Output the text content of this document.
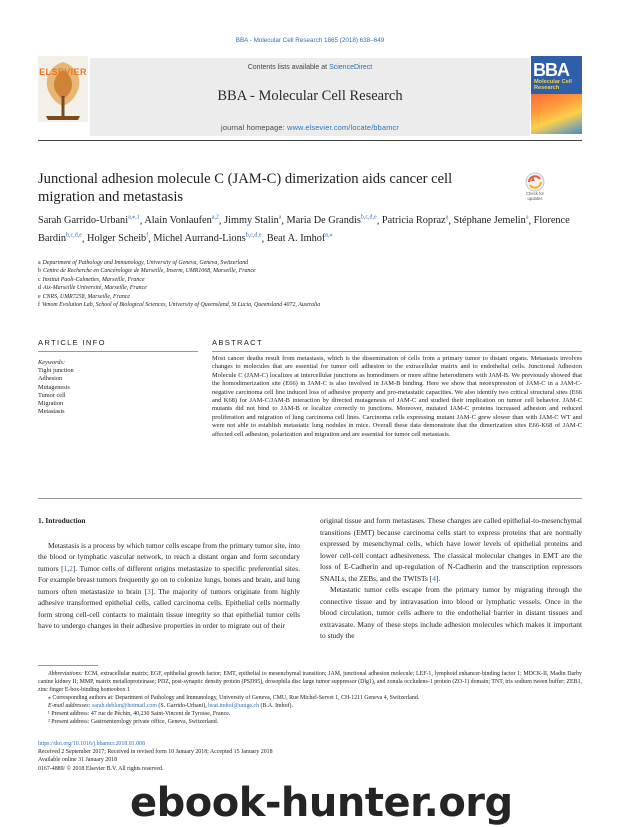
BBA - Molecular Cell Research 1865 (2018) 638–649
ELSEVIER	Contents lists available at ScienceDirect
BBA - Molecular Cell Research
journal homepage: www.elsevier.com/locate/bbamcr
BBA
Molecular Cell Research
Junctional adhesion molecule C (JAM-C) dimerization aids cancer cell migration and metastasis	Check for updates
Sarah Garrido-Urbani$^{a,⁎,1}$, Alain Vonlaufen$^{a,2}$, Jimmy Stalin$^a$, Maria De Grandis$^{b,c,d,e}$, Patricia Ropraz$^a$, Stéphane Jemelin$^a$, Florence Bardin$^{b,c,d,e}$, Holger Scheib$^f$, Michel Aurrand-Lions$^{b,c,d,e}$, Beat A. Imhof$^{a,⁎}$
a Department of Pathology and Immunology, University of Geneva, Geneva, Switzerland
b Centre de Recherche en Cancérologie de Marseille, Inserm, UMR1068, Marseille, France
c Institut Paoli-Calmettes, Marseille, France
d Aix-Marseille Université, Marseille, France
e CNRS, UMR7258, Marseille, France
f Venom Evolution Lab, School of Biological Sciences, University of Queensland, St Lucia, Queensland 4072, Australia
ARTICLE INFO	ABSTRACT
Keywords:
Tight junction
Adhesion
Mutagenesis
Tumor cell
Migration
Metastasis
Most cancer deaths result from metastasis, which is the dissemination of cells from a primary tumor to distant organs. Metastasis involves changes to molecules that are essential for tumor cell adhesion to the extracellular matrix and to endothelial cells. Junctional Adhesion Molecule C (JAM-C) localizes at intercellular junctions as homodimers or more affine heterodimers with JAM-B. We previously showed that the homodimerization site (E66) in JAM-C is also involved in JAM-B binding. Here we show that neoexpression of JAM-C in a JAM-C-negative carcinoma cell line induced loss of adhesive property and pro-metastatic capacities. We also identify two critical structural sites (E66 and K68) for JAM-C/JAM-B interaction by directed mutagenesis of JAM-C and studied their implication on tumor cell behavior. JAM-C mutants did not bind to JAM-B or localize correctly to junctions. Moreover, mutated JAM-C proteins increased adhesion and reduced proliferation and migration of lung carcinoma cell lines. Carcinoma cells expressing mutant JAM-C grew slower than with JAM-C WT and were not able to establish metastatic lung nodules in mice. Overall these data demonstrate that the dimerization sites E66-K68 of JAM-C affected cell adhesion, polarization and migration and are essential for tumor cell metastasis.

1. Introduction

Metastasis is a process by which tumor cells escape from the primary tumor site, into the blood or lymphatic vascular network, to reach a distant organ and form secondary tumors [1,2]. Tumor cells of different origins metastasize to specific preferential sites. For example breast tumors frequently go on to colonize lungs, bones and brain, and lung tumors often metastasize to brain [3]. The majority of tumors originate from highly adhesive transformed epithelial cells, called carcinoma cells. Epithelial cells normally form strong cell-cell contacts to maintain tissue integrity so that epithelial tumor cells have to undergo changes in their adhesive properties in order to migrate out of their

original tissue and form metastases. These changes are called epithelial-to-mesenchymal transitions (EMT) because carcinoma cells start to express proteins that are normally expressed by mesenchymal cells, which have lower levels of epithelial proteins and lower cell-cell contact adhesiveness. The classical molecular changes in EMT are the loss of E-Cadherin and up-regulation of N-Cadherin and the transcription repressors SNAILs, the ZEBs, and the TWISTs [4].

Metastatic tumor cells escape from the primary tumor by migrating through the connective tissue and by intravasation into blood or lymphatic vessels. Once in the blood circulation, tumor cells adhere to the endothelial barrier in distant tissues and extravasate. Many of these steps include adhesion molecules which makes it important to study the

Abbreviations: ECM, extracellular matrix; EGF, epithelial growth factor; EMT, epithelial to mesenchymal transition; JAM, junctional adhesion molecule; LEF-1, lymphoid enhancer-binding factor 1; MDCK-II, Madin Darby canine kidney II; MMP, matrix metalloproteinase; PDZ, post-synaptic density protein (PSD95), drosophila disc large tumor suppressor (Dlg1), and zonula occludens-1 protein (ZO-1) domain; TNT, tris sodium tween buffer; ZEB1, zinc finger E-box-binding homeobox 1

⁎ Corresponding authors at: Department of Pathology and Immunology, University of Geneva, CMU, Rue Michel-Servet 1, CH-1211 Geneva 4, Switzerland.

E-mail addresses: sarah.deblon@hotmail.com (S. Garrido-Urbani), beat.imhof@unige.ch (B.A. Imhof).

¹ Present address: 47 rue de Péchin, 40,230 Saint-Vincent de Tyrosse, France.

² Present address: Gastroenterology private office, Geneva, Switzerland.

https://doi.org/10.1016/j.bbamcr.2018.01.008
Received 2 September 2017; Received in revised form 10 January 2018; Accepted 15 January 2018
Available online 31 January 2018
0167-4889/ © 2018 Elsevier B.V. All rights reserved.
ebook-hunter.org
